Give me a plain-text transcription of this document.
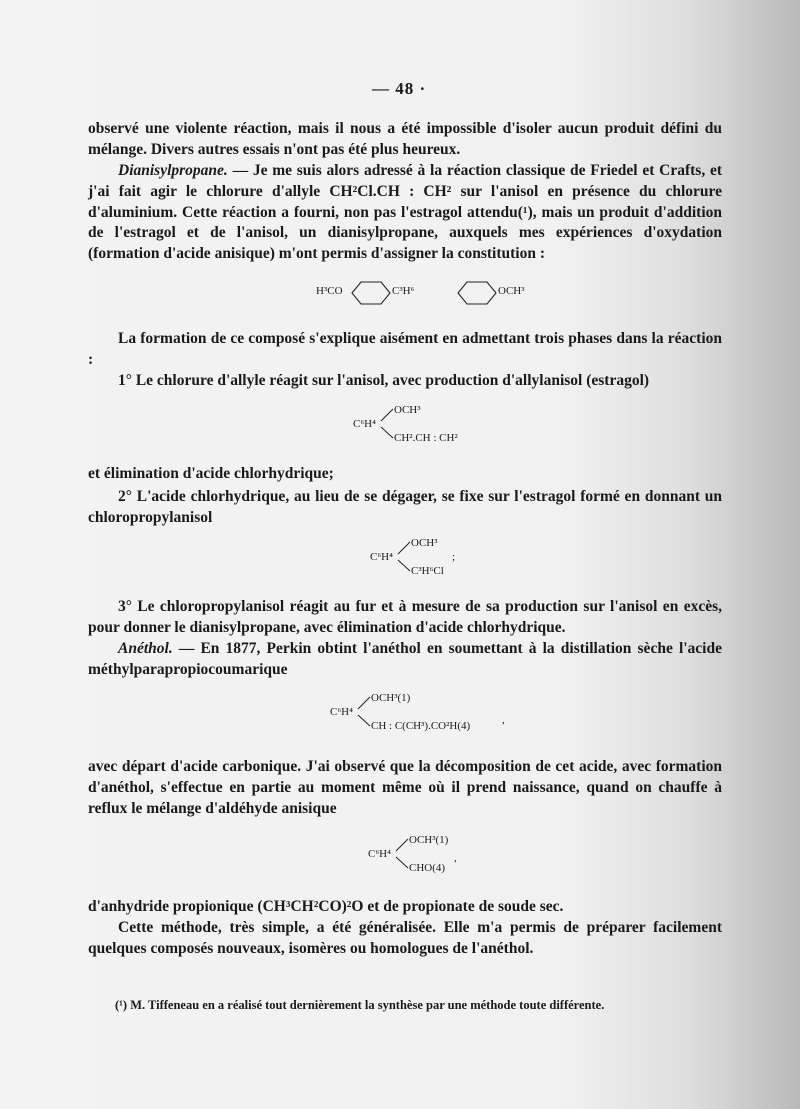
— 48 ·
observé une violente réaction, mais il nous a été impossible d'isoler aucun produit défini du mélange. Divers autres essais n'ont pas été plus heureux.
Dianisylpropane. — Je me suis alors adressé à la réaction classique de Friedel et Crafts, et j'ai fait agir le chlorure d'allyle CH²Cl.CH : CH² sur l'anisol en présence du chlorure d'aluminium. Cette réaction a fourni, non pas l'estragol attendu(¹), mais un produit d'addition de l'estragol et de l'anisol, un dianisylpropane, auxquels mes expériences d'oxydation (formation d'acide anisique) m'ont permis d'assigner la constitution :
H³CO	C³H⁶	OCH³
La formation de ce composé s'explique aisément en admettant trois phases dans la réaction :
1° Le chlorure d'allyle réagit sur l'anisol, avec production d'allylanisol (estragol)
C⁶H⁴
OCH³
CH².CH : CH²
et élimination d'acide chlorhydrique;
2° L'acide chlorhydrique, au lieu de se dégager, se fixe sur l'estragol formé en donnant un chloropropylanisol
C⁶H⁴
OCH³
C³H⁶Cl
;
3° Le chloropropylanisol réagit au fur et à mesure de sa production sur l'anisol en excès, pour donner le dianisylpropane, avec élimination d'acide chlorhydrique.
Anéthol. — En 1877, Perkin obtint l'anéthol en soumettant à la distillation sèche l'acide méthylparapropiocoumarique
C⁶H⁴
OCH³(1)
CH : C(CH³).CO²H(4)	,
avec départ d'acide carbonique. J'ai observé que la décomposition de cet acide, avec formation d'anéthol, s'effectue en partie au moment même où il prend naissance, quand on chauffe à reflux le mélange d'aldéhyde anisique
C⁶H⁴
OCH³(1)
CHO(4)
,
d'anhydride propionique (CH³CH²CO)²O et de propionate de soude sec.
Cette méthode, très simple, a été généralisée. Elle m'a permis de préparer facilement quelques composés nouveaux, isomères ou homologues de l'anéthol.
(¹) M. Tiffeneau en a réalisé tout dernièrement la synthèse par une méthode toute différente.
